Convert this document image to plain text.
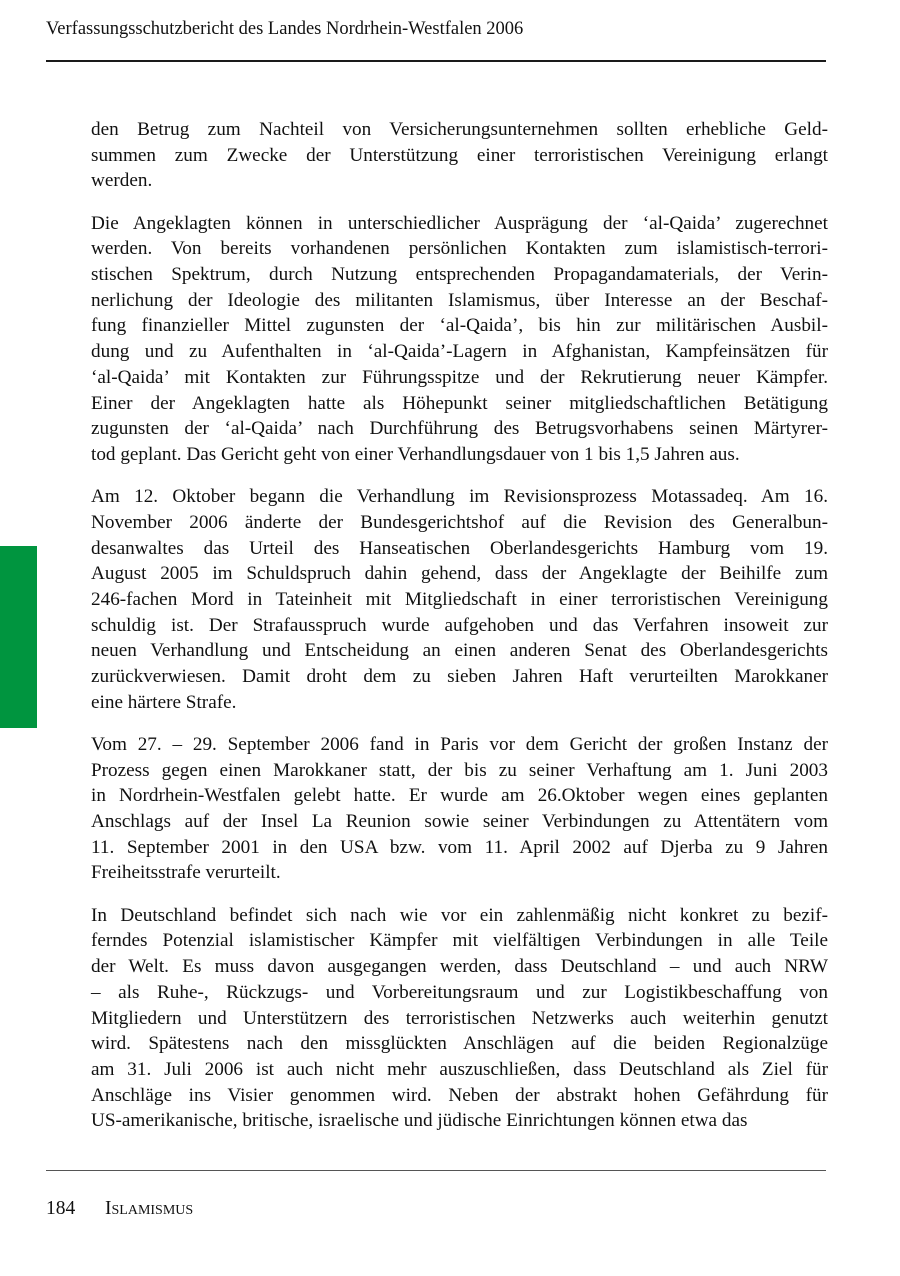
Verfassungsschutzbericht des Landes Nordrhein-Westfalen 2006

den Betrug zum Nachteil von Versicherungsunternehmen sollten erhebliche Geld-
summen zum Zwecke der Unterstützung einer terroristischen Vereinigung erlangt
werden.

Die Angeklagten können in unterschiedlicher Ausprägung der ‘al-Qaida’ zugerechnet
werden. Von bereits vorhandenen persönlichen Kontakten zum islamistisch-terrori-
stischen Spektrum, durch Nutzung entsprechenden Propagandamaterials, der Verin-
nerlichung der Ideologie des militanten Islamismus, über Interesse an der Beschaf-
fung finanzieller Mittel zugunsten der ‘al-Qaida’, bis hin zur militärischen Ausbil-
dung und zu Aufenthalten in ‘al-Qaida’-Lagern in Afghanistan, Kampfeinsätzen für
‘al-Qaida’ mit Kontakten zur Führungsspitze und der Rekrutierung neuer Kämpfer.
Einer der Angeklagten hatte als Höhepunkt seiner mitgliedschaftlichen Betätigung
zugunsten der ‘al-Qaida’ nach Durchführung des Betrugsvorhabens seinen Märtyrer-
tod geplant. Das Gericht geht von einer Verhandlungsdauer von 1 bis 1,5 Jahren aus.

Am 12. Oktober begann die Verhandlung im Revisionsprozess Motassadeq. Am 16.
November 2006 änderte der Bundesgerichtshof auf die Revision des Generalbun-
desanwaltes das Urteil des Hanseatischen Oberlandesgerichts Hamburg vom 19.
August 2005 im Schuldspruch dahin gehend, dass der Angeklagte der Beihilfe zum
246-fachen Mord in Tateinheit mit Mitgliedschaft in einer terroristischen Vereinigung
schuldig ist. Der Strafausspruch wurde aufgehoben und das Verfahren insoweit zur
neuen Verhandlung und Entscheidung an einen anderen Senat des Oberlandesgerichts
zurückverwiesen. Damit droht dem zu sieben Jahren Haft verurteilten Marokkaner
eine härtere Strafe.

Vom 27. – 29. September 2006 fand in Paris vor dem Gericht der großen Instanz der
Prozess gegen einen Marokkaner statt, der bis zu seiner Verhaftung am 1. Juni 2003
in Nordrhein-Westfalen gelebt hatte. Er wurde am 26.Oktober wegen eines geplanten
Anschlags auf der Insel La Reunion sowie seiner Verbindungen zu Attentätern vom
11. September 2001 in den USA bzw. vom 11. April 2002 auf Djerba zu 9 Jahren
Freiheitsstrafe verurteilt.

In Deutschland befindet sich nach wie vor ein zahlenmäßig nicht konkret zu bezif-
ferndes Potenzial islamistischer Kämpfer mit vielfältigen Verbindungen in alle Teile
der Welt. Es muss davon ausgegangen werden, dass Deutschland – und auch NRW
– als Ruhe-, Rückzugs- und Vorbereitungsraum und zur Logistikbeschaffung von
Mitgliedern und Unterstützern des terroristischen Netzwerks auch weiterhin genutzt
wird. Spätestens nach den missglückten Anschlägen auf die beiden Regionalzüge
am 31. Juli 2006 ist auch nicht mehr auszuschließen, dass Deutschland als Ziel für
Anschläge ins Visier genommen wird. Neben der abstrakt hohen Gefährdung für
US-amerikanische, britische, israelische und jüdische Einrichtungen können etwa das

184 Islamismus
